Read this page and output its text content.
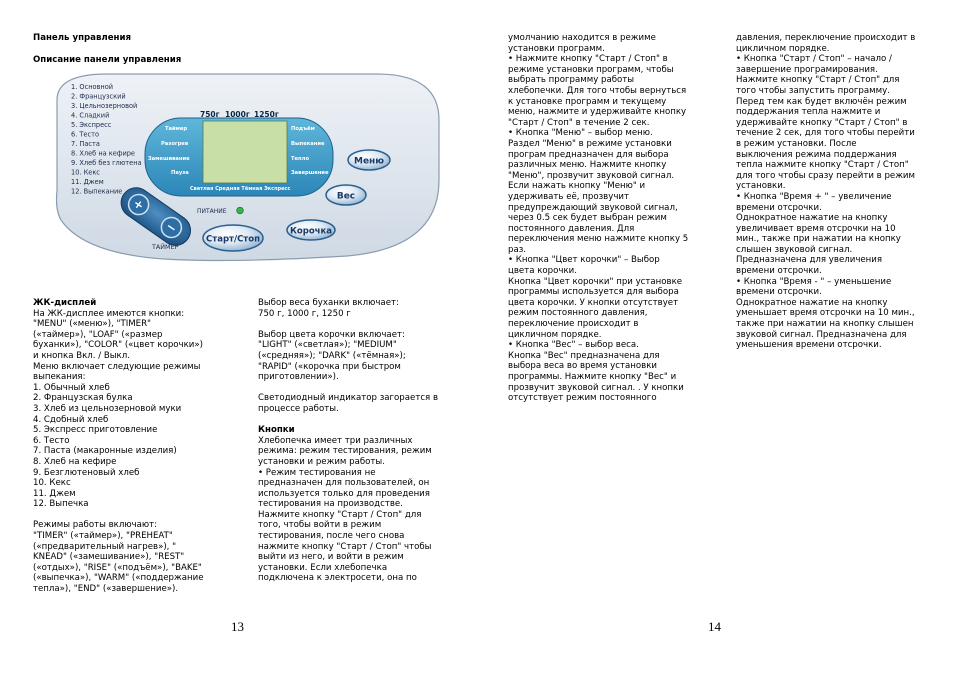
Панель управления
Описание панели управления
1. Основной
2. Французский
3. Цельнозерновой
4. Сладкий
5. Экспресс
6. Тесто
7. Паста
8. Хлеб на кефире
9. Хлеб без глютена
10. Кекс
11. Джем
12. Выпекание
750г 1000г 1250г
Таймер
Разогрев
Замешивание
Пауза
Подъём
Выпекание
Тепло
Завершение
Светлая Средняя Тёмная Экспресс
Меню
Вес
Корочка
Старт/Стоп
ПИТАНИЕ
+
−
ТАЙМЕР
ЖК-дисплей
На ЖК-дисплее имеются кнопки:
"MENU" («меню»), "TIMER"
(«таймер»), "LOAF" («размер
буханки»), "COLOR" («цвет корочки»)
и кнопка Вкл. / Выкл.
Меню включает следующие режимы
выпекания:
1. Обычный хлеб
2. Французская булка
3. Хлеб из цельнозерновой муки
4. Сдобный хлеб
5. Экспресс приготовление
6. Тесто
7. Паста (макаронные изделия)
8. Хлеб на кефире
9. Безглютеновый хлеб
10. Кекс
11. Джем
12. Выпечка

Режимы работы включают:
"TIMER" («таймер»), "PREHEAT"
(«предварительный нагрев»), "
KNEAD" («замешивание»), "REST"
(«отдых»), "RISE" («подъём»), "BAKE"
(«выпечка»), "WARM" («поддержание
тепла»), "END" («завершение»).
Выбор веса буханки включает:
750 г, 1000 г, 1250 г

Выбор цвета корочки включает:
"LIGHT" («светлая»); "MEDIUM"
(«средняя»); "DARK" («тёмная»);
"RAPID" («корочка при быстром
приготовлении»).

Светодиодный индикатор загорается в
процессе работы.

Кнопки
Хлебопечка имеет три различных
режима: режим тестирования, режим
установки и режим работы.
• Режим тестирования не
предназначен для пользователей, он
используется только для проведения
тестирования на производстве.
Нажмите кнопку "Старт / Стоп" для
того, чтобы войти в режим
тестирования, после чего снова
нажмите кнопку "Старт / Стоп" чтобы
выйти из него, и войти в режим
установки. Если хлебопечка
подключена к электросети, она по
13
умолчанию находится в режиме
установки программ.
• Нажмите кнопку "Старт / Стоп" в
режиме установки программ, чтобы
выбрать программу работы
хлебопечки. Для того чтобы вернуться
к установке программ и текущему
меню, нажмите и удерживайте кнопку
"Старт / Стоп" в течение 2 сек.
• Кнопка "Меню" – выбор меню.
Раздел "Меню" в режиме установки
програм предназначен для выбора
различных меню. Нажмите кнопку
"Меню", прозвучит звуковой сигнал.
Если нажать кнопку "Меню" и
удерживать её, прозвучит
предупреждающий звуковой сигнал,
через 0.5 сек будет выбран режим
постоянного давления. Для
переключения меню нажмите кнопку 5
раз.
• Кнопка "Цвет корочки" – Выбор
цвета корочки.
Кнопка "Цвет корочки" при установке
программы используется для выбора
цвета корочки. У кнопки отсутствует
режим постоянного давления,
переключение происходит в
цикличном порядке.
• Кнопка "Вес" – выбор веса.
Кнопка "Вес" предназначена для
выбора веса во время установки
программы. Нажмите кнопку "Вес" и
прозвучит звуковой сигнал. . У кнопки
отсутствует режим постоянного
давления, переключение происходит в
цикличном порядке.
• Кнопка "Старт / Стоп" – начало /
завершение програмирования.
Нажмите кнопку "Старт / Стоп" для
того чтобы запустить программу.
Перед тем как будет включён режим
поддержания тепла нажмите и
удерживайте кнопку "Старт / Стоп" в
течение 2 сек, для того чтобы перейти
в режим установки. После
выключения режима поддержания
тепла нажмите кнопку "Старт / Стоп"
для того чтобы сразу перейти в режим
установки.
• Кнопка "Время + " – увеличение
времени отсрочки.
Однократное нажатие на кнопку
увеличивает время отсрочки на 10
мин., также при нажатии на кнопку
слышен звуковой сигнал.
Предназначена для увеличения
времени отсрочки.
• Кнопка "Время - " – уменьшение
времени отсрочки.
Однократное нажатие на кнопку
уменьшает время отсрочки на 10 мин.,
также при нажатии на кнопку слышен
звуковой сигнал. Предназначена для
уменьшения времени отсрочки.
14
